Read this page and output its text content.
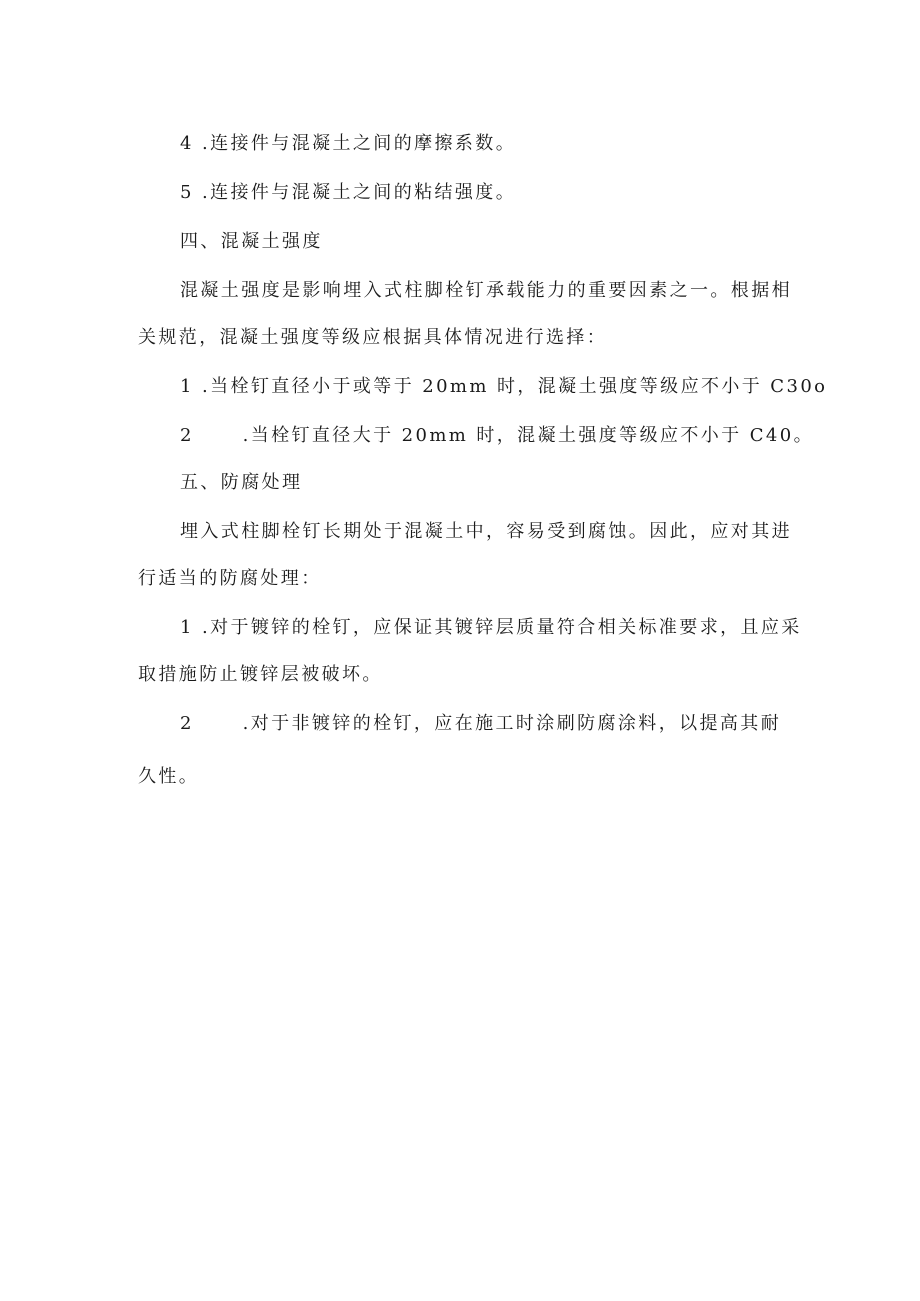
4 .连接件与混凝土之间的摩擦系数。
5 .连接件与混凝土之间的粘结强度。
四、混凝土强度
混凝土强度是影响埋入式柱脚栓钉承载能力的重要因素之一。根据相
关规范，混凝土强度等级应根据具体情况进行选择：
1 .当栓钉直径小于或等于 20mm 时，混凝土强度等级应不小于 C30o
2      .当栓钉直径大于 20mm 时，混凝土强度等级应不小于 C40。
五、防腐处理
埋入式柱脚栓钉长期处于混凝土中，容易受到腐蚀。因此，应对其进
行适当的防腐处理：
1 .对于镀锌的栓钉，应保证其镀锌层质量符合相关标准要求，且应采
取措施防止镀锌层被破坏。
2      .对于非镀锌的栓钉，应在施工时涂刷防腐涂料，以提高其耐
久性。
